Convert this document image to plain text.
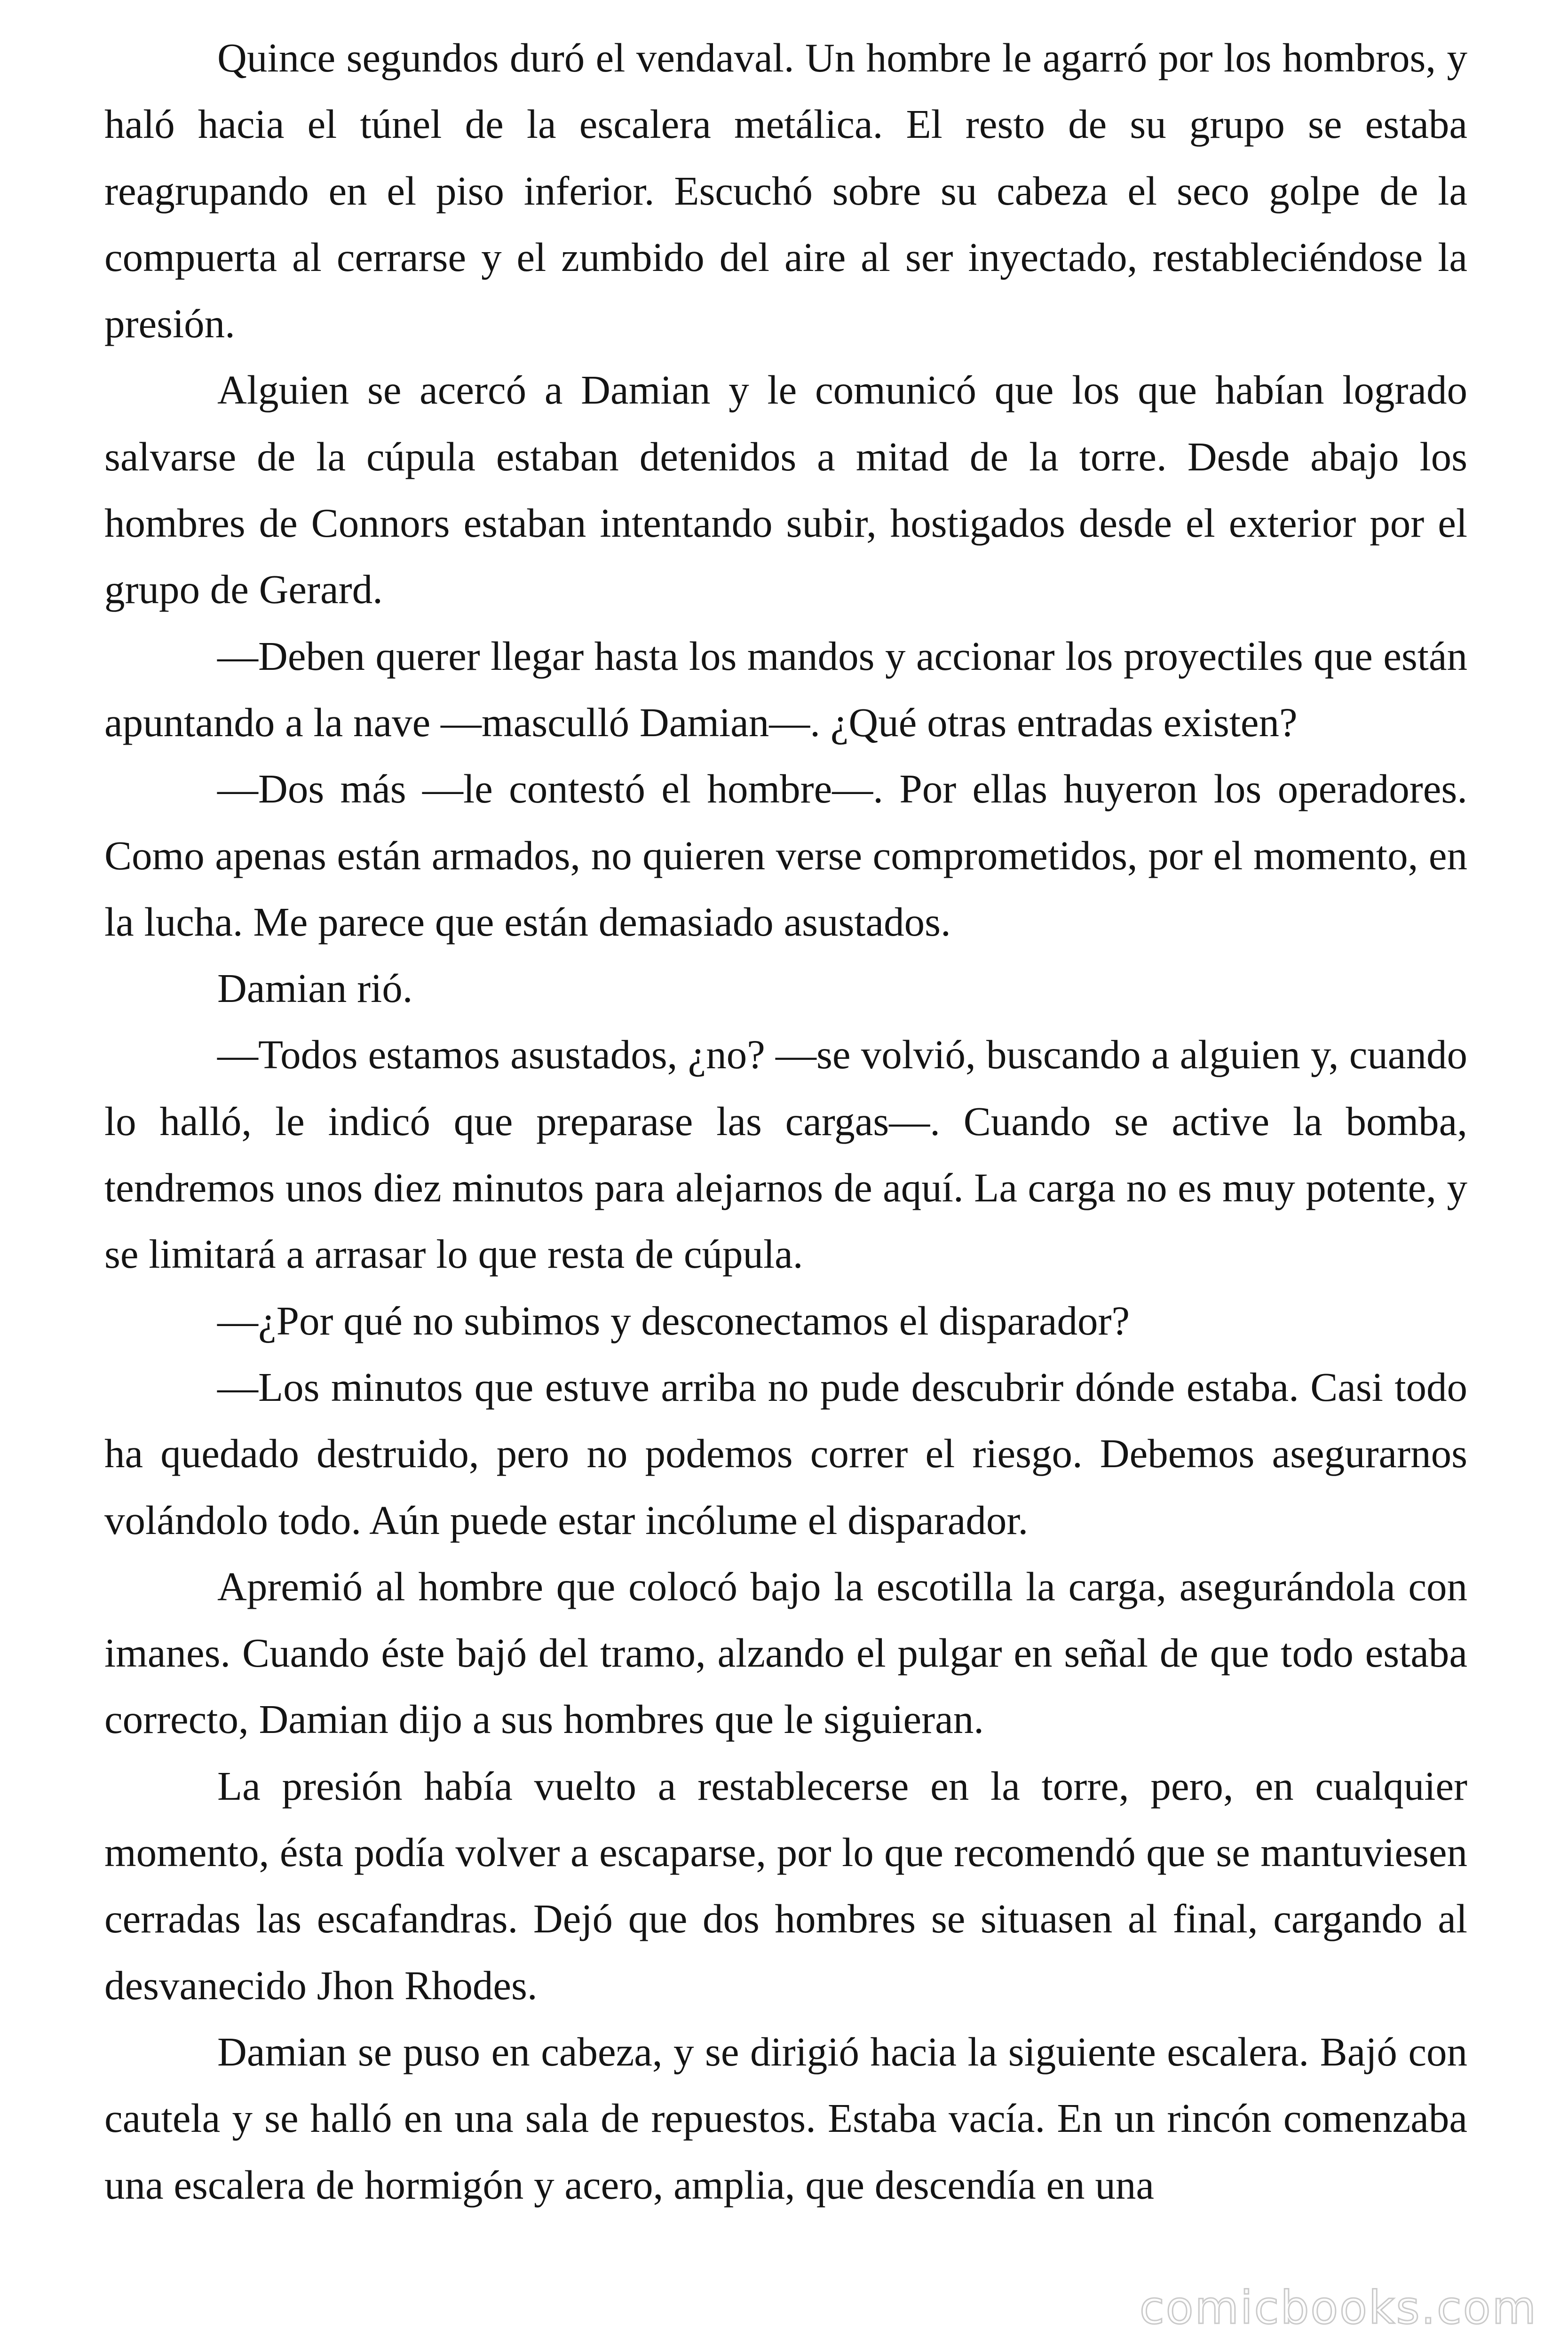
Quince segundos duró el vendaval. Un hombre le agarró por los hombros, y haló hacia el túnel de la escalera metálica. El resto de su grupo se estaba reagrupando en el piso inferior. Escuchó sobre su cabeza el seco golpe de la compuerta al cerrarse y el zumbido del aire al ser inyectado, restableciéndose la presión.

Alguien se acercó a Damian y le comunicó que los que habían logrado salvarse de la cúpula estaban detenidos a mitad de la torre. Desde abajo los hombres de Connors estaban intentando subir, hostigados desde el exterior por el grupo de Gerard.

—Deben querer llegar hasta los mandos y accionar los proyectiles que están apuntando a la nave —masculló Damian—. ¿Qué otras entradas existen?

—Dos más —le contestó el hombre—. Por ellas huyeron los operadores. Como apenas están armados, no quieren verse comprometidos, por el momento, en la lucha. Me parece que están demasiado asustados.

Damian rió.

—Todos estamos asustados, ¿no? —se volvió, buscando a alguien y, cuando lo halló, le indicó que preparase las cargas—. Cuando se active la bomba, tendremos unos diez minutos para alejarnos de aquí. La carga no es muy potente, y se limitará a arrasar lo que resta de cúpula.

—¿Por qué no subimos y desconectamos el disparador?

—Los minutos que estuve arriba no pude descubrir dónde estaba. Casi todo ha quedado destruido, pero no podemos correr el riesgo. Debemos asegurarnos volándolo todo. Aún puede estar incólume el disparador.

Apremió al hombre que colocó bajo la escotilla la carga, asegurándola con imanes. Cuando éste bajó del tramo, alzando el pulgar en señal de que todo estaba correcto, Damian dijo a sus hombres que le siguieran.

La presión había vuelto a restablecerse en la torre, pero, en cualquier momento, ésta podía volver a escaparse, por lo que recomendó que se mantuviesen cerradas las escafandras. Dejó que dos hombres se situasen al final, cargando al desvanecido Jhon Rhodes.

Damian se puso en cabeza, y se dirigió hacia la siguiente escalera. Bajó con cautela y se halló en una sala de repuestos. Estaba vacía. En un rincón comenzaba una escalera de hormigón y acero, amplia, que descendía en una

comicbooks.com
